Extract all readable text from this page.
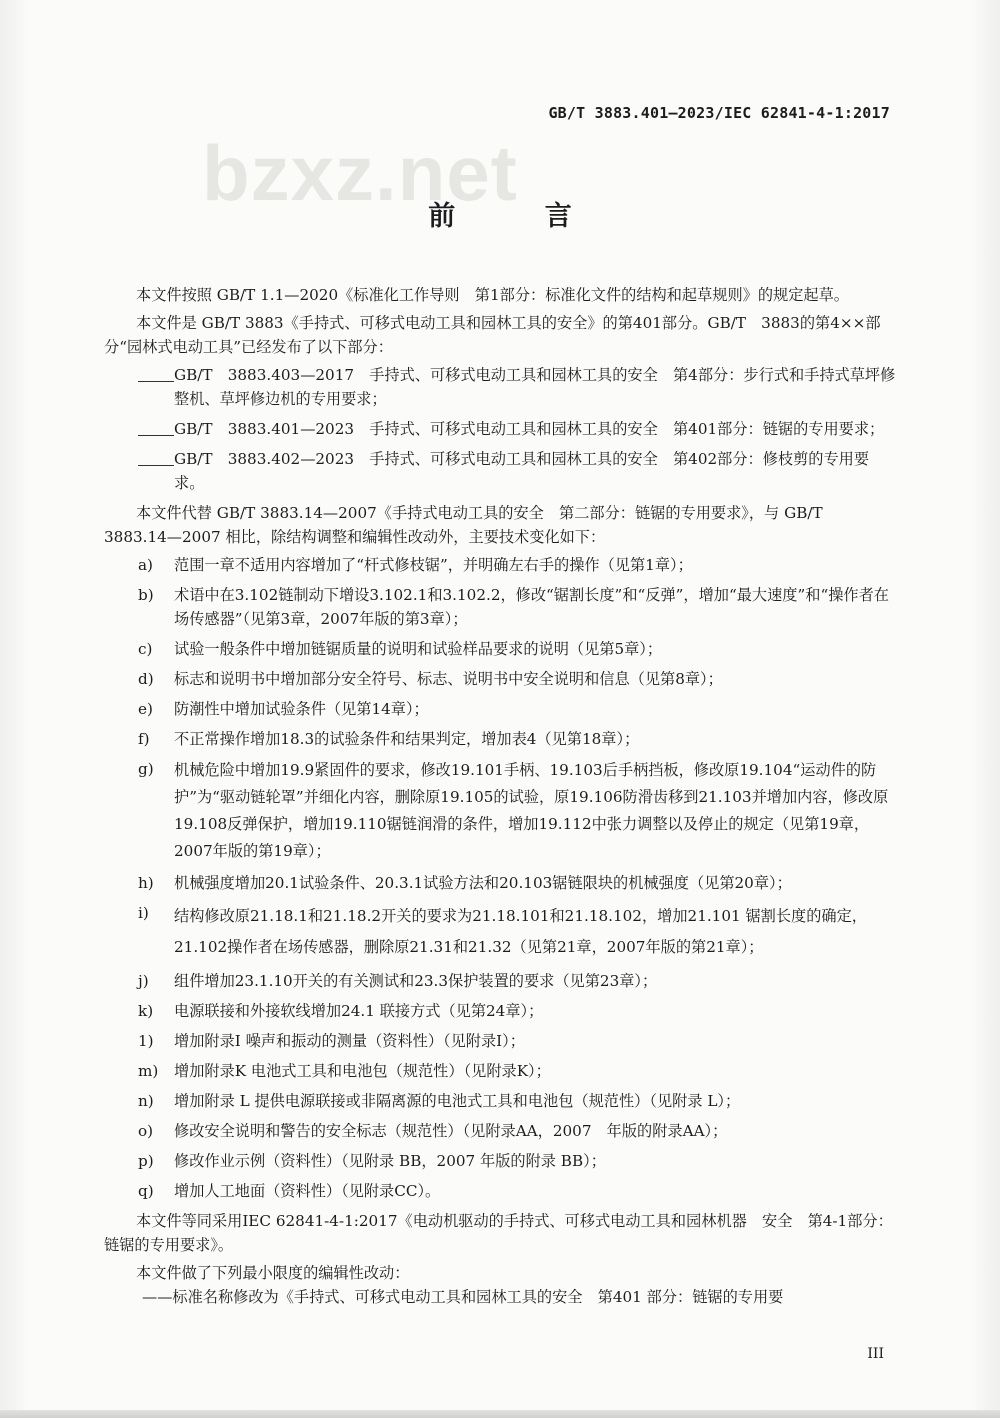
GB/T 3883.401—2023/IEC 62841-4-1:2017
bzxz.net
前 言

本文件按照 GB/T 1.1—2020《标准化工作导则　第1部分：标准化文件的结构和起草规则》的规定起草。

本文件是 GB/T 3883《手持式、可移式电动工具和园林工具的安全》的第401部分。GB/T　3883的第4××部分“园林式电动工具”已经发布了以下部分：

GB/T　3883.403—2017　手持式、可移式电动工具和园林工具的安全　第4部分：步行式和手持式草坪修整机、草坪修边机的专用要求；
GB/T　3883.401—2023　手持式、可移式电动工具和园林工具的安全　第401部分：链锯的专用要求；
GB/T　3883.402—2023　手持式、可移式电动工具和园林工具的安全　第402部分：修枝剪的专用要求。

本文件代替 GB/T 3883.14—2007《手持式电动工具的安全　第二部分：链锯的专用要求》，与 GB/T　3883.14—2007 相比，除结构调整和编辑性改动外，主要技术变化如下：

a)	范围一章不适用内容增加了“杆式修枝锯”，并明确左右手的操作（见第1章）；
b)	术语中在3.102链制动下增设3.102.1和3.102.2，修改“锯割长度”和“反弹”，增加“最大速度”和“操作者在场传感器”（见第3章，2007年版的第3章）；
c)	试验一般条件中增加链锯质量的说明和试验样品要求的说明（见第5章）；
d)	标志和说明书中增加部分安全符号、标志、说明书中安全说明和信息（见第8章）；
e)	防潮性中增加试验条件（见第14章）；
f)	不正常操作增加18.3的试验条件和结果判定，增加表4（见第18章）；
g)	机械危险中增加19.9紧固件的要求，修改19.101手柄、19.103后手柄挡板，修改原19.104“运动件的防护”为“驱动链轮罩”并细化内容，删除原19.105的试验，原19.106防滑齿移到21.103并增加内容，修改原19.108反弹保护，增加19.110锯链润滑的条件，增加19.112中张力调整以及停止的规定（见第19章，2007年版的第19章）；
h)	机械强度增加20.1试验条件、20.3.1试验方法和20.103锯链限块的机械强度（见第20章）；
i)	结构修改原21.18.1和21.18.2开关的要求为21.18.101和21.18.102，增加21.101 锯割长度的确定，21.102操作者在场传感器，删除原21.31和21.32（见第21章，2007年版的第21章）；
j)	组件增加23.1.10开关的有关测试和23.3保护装置的要求（见第23章）；
k)	电源联接和外接软线增加24.1 联接方式（见第24章）；
1)	增加附录I 噪声和振动的测量（资料性）（见附录I）；
m)	增加附录K 电池式工具和电池包（规范性）（见附录K）；
n)	增加附录 L 提供电源联接或非隔离源的电池式工具和电池包（规范性）（见附录 L）；
o)	修改安全说明和警告的安全标志（规范性）（见附录AA，2007　年版的附录AA）；
p)	修改作业示例（资料性）（见附录 BB，2007 年版的附录 BB）；
q)	增加人工地面（资料性）（见附录CC）。

本文件等同采用IEC 62841-4-1:2017《电动机驱动的手持式、可移式电动工具和园林机器　安全　第4-1部分：链锯的专用要求》。

本文件做了下列最小限度的编辑性改动：

——标准名称修改为《手持式、可移式电动工具和园林工具的安全　第401 部分：链锯的专用要

III
